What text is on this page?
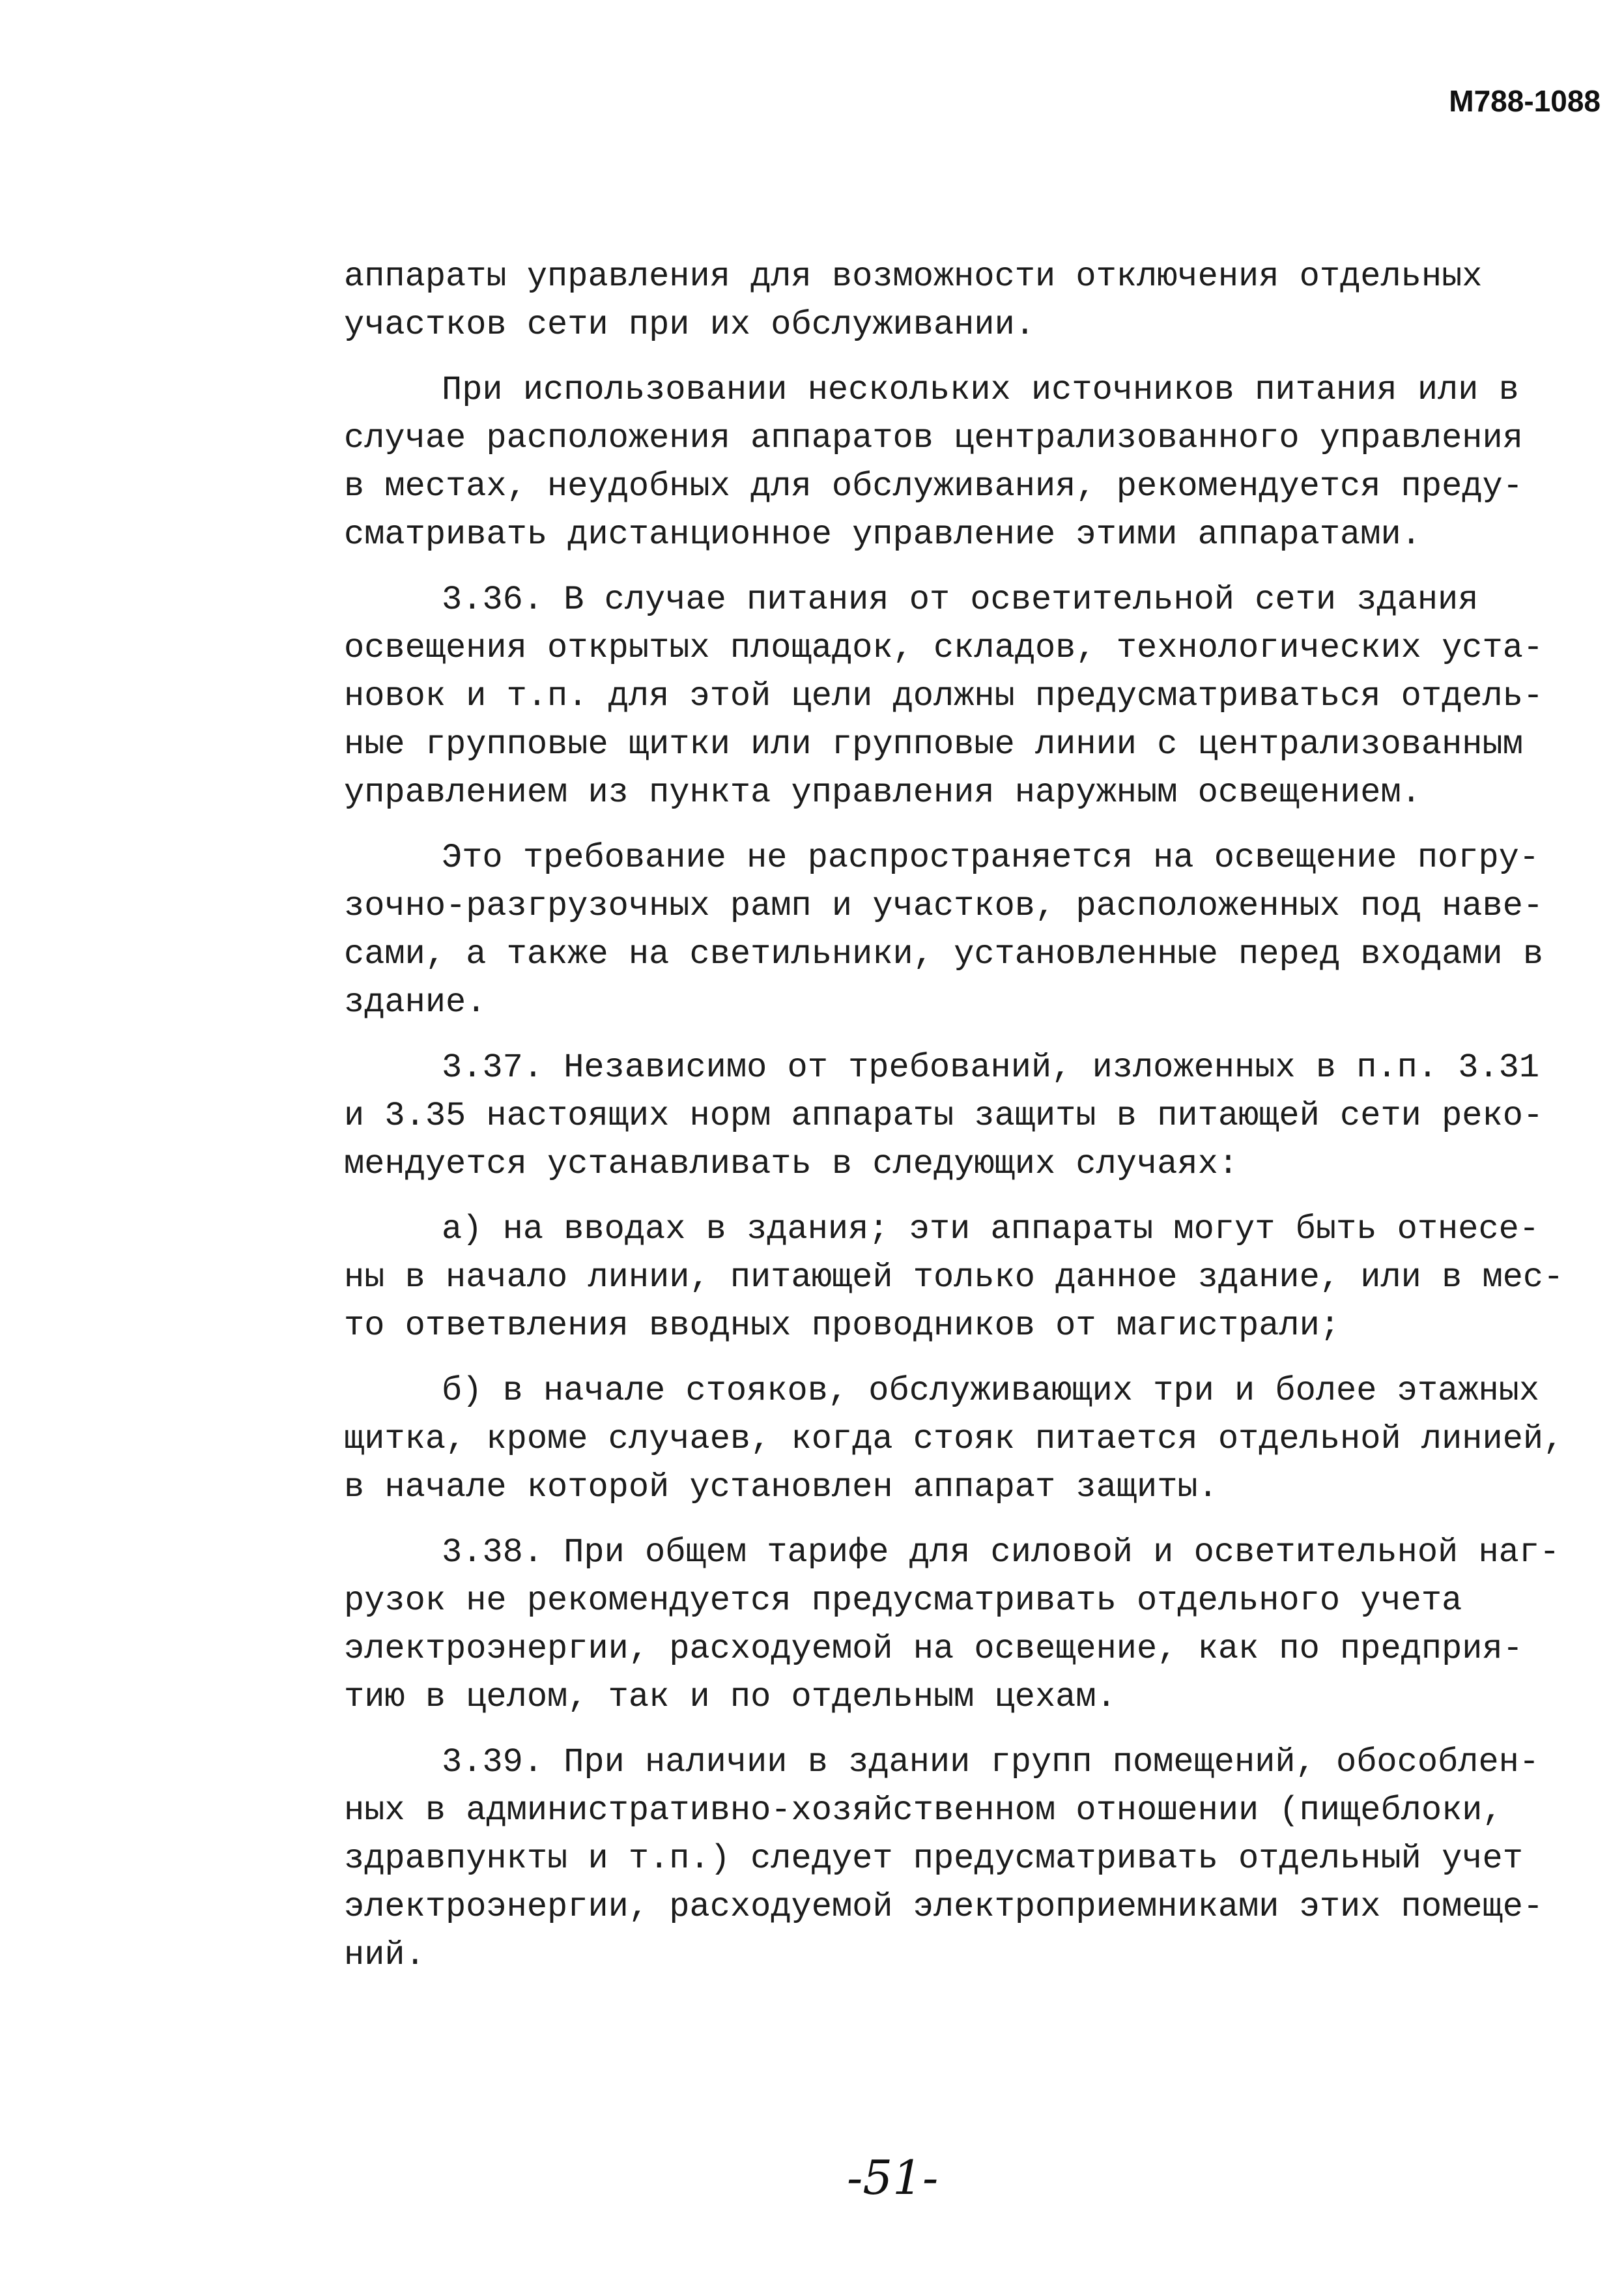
М788-1088
аппараты управления для возможности отключения отдельных
участков сети при их обслуживании.
При использовании нескольких источников питания или в
случае расположения аппаратов централизованного управления
в местах, неудобных для обслуживания, рекомендуется преду-
сматривать дистанционное управление этими аппаратами.
3.36. В случае питания от осветительной сети здания
освещения открытых площадок, складов, технологических уста-
новок и т.п. для этой цели должны предусматриваться отдель-
ные групповые щитки или групповые линии с централизованным
управлением из пункта управления наружным освещением.
Это требование не распространяется на освещение погру-
зочно-разгрузочных рамп и участков, расположенных под наве-
сами, а также на светильники, установленные перед входами в
здание.
3.37. Независимо от требований, изложенных в п.п. 3.31
и 3.35 настоящих норм аппараты защиты в питающей сети реко-
мендуется устанавливать в следующих случаях:
а) на вводах в здания; эти аппараты могут быть отнесе-
ны в начало линии, питающей только данное здание, или в мес-
то ответвления вводных проводников от магистрали;
б) в начале стояков, обслуживающих три и более этажных
щитка, кроме случаев, когда стояк питается отдельной линией,
в начале которой установлен аппарат защиты.
3.38. При общем тарифе для силовой и осветительной наг-
рузок не рекомендуется предусматривать отдельного учета
электроэнергии, расходуемой на освещение, как по предприя-
тию в целом, так и по отдельным цехам.
3.39. При наличии в здании групп помещений, обособлен-
ных в административно-хозяйственном отношении (пищеблоки,
здравпункты и т.п.) следует предусматривать отдельный учет
электроэнергии, расходуемой электроприемниками этих помеще-
ний.
-51-
